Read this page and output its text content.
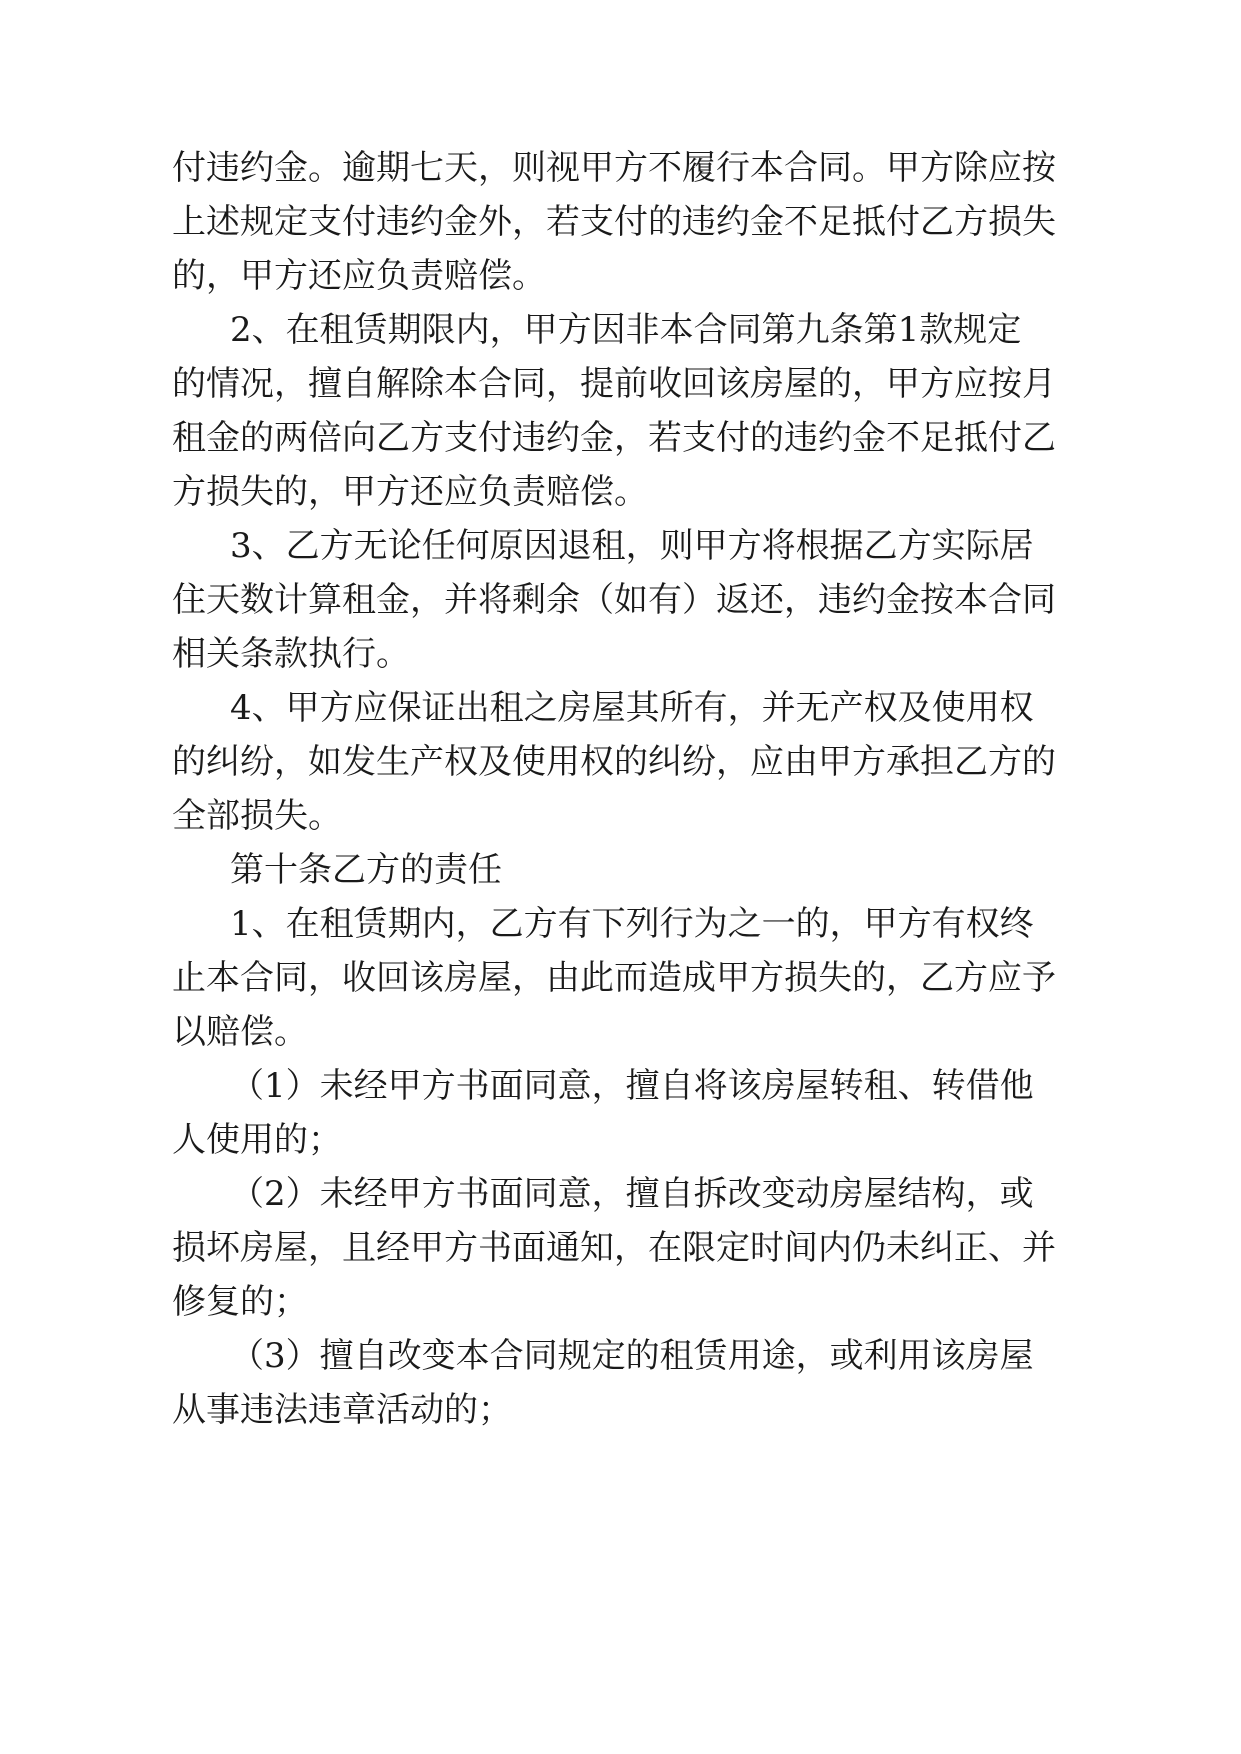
付违约金。逾期七天，则视甲方不履行本合同。甲方除应按
上述规定支付违约金外，若支付的违约金不足抵付乙方损失
的，甲方还应负责赔偿。
2、在租赁期限内，甲方因非本合同第九条第1款规定
的情况，擅自解除本合同，提前收回该房屋的，甲方应按月
租金的两倍向乙方支付违约金，若支付的违约金不足抵付乙
方损失的，甲方还应负责赔偿。
3、乙方无论任何原因退租，则甲方将根据乙方实际居
住天数计算租金，并将剩余（如有）返还，违约金按本合同
相关条款执行。
4、甲方应保证出租之房屋其所有，并无产权及使用权
的纠纷，如发生产权及使用权的纠纷，应由甲方承担乙方的
全部损失。
第十条乙方的责任
1、在租赁期内，乙方有下列行为之一的，甲方有权终
止本合同，收回该房屋，由此而造成甲方损失的，乙方应予
以赔偿。
（1）未经甲方书面同意，擅自将该房屋转租、转借他
人使用的；
（2）未经甲方书面同意，擅自拆改变动房屋结构，或
损坏房屋，且经甲方书面通知，在限定时间内仍未纠正、并
修复的；
（3）擅自改变本合同规定的租赁用途，或利用该房屋
从事违法违章活动的；
